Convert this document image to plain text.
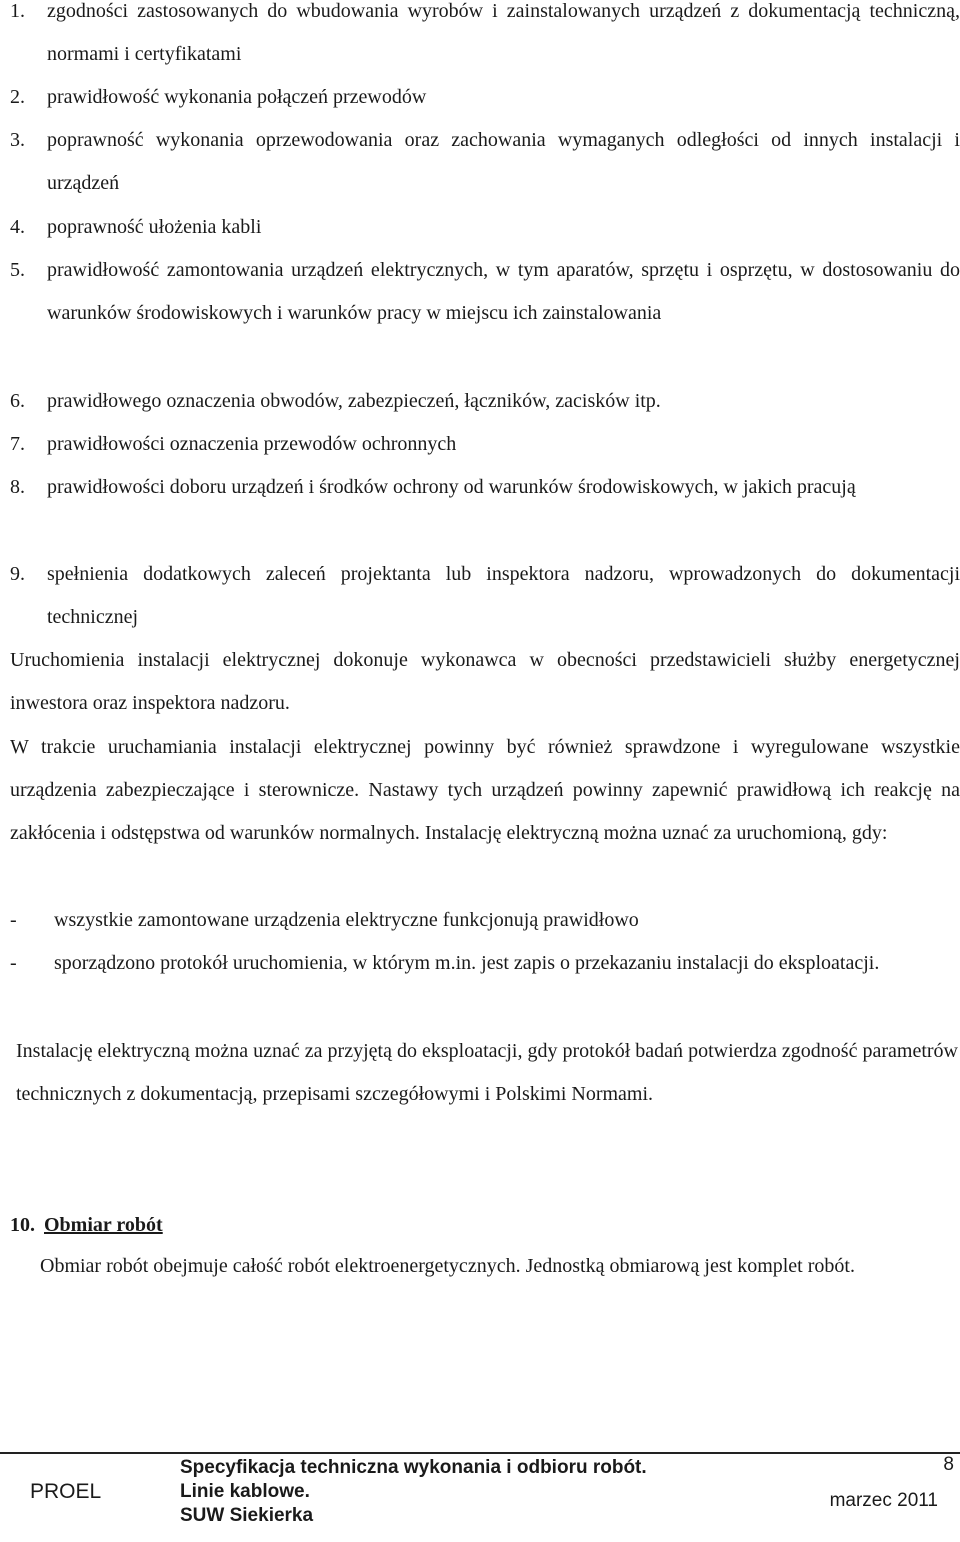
1.	zgodności zastosowanych do wbudowania wyrobów i zainstalowanych urządzeń z dokumentacją techniczną, normami i certyfikatami
2.	prawidłowość wykonania połączeń przewodów
3.	poprawność wykonania oprzewodowania oraz zachowania wymaganych odległości od innych instalacji i urządzeń
4.	poprawność ułożenia kabli
5.	prawidłowość zamontowania urządzeń elektrycznych, w tym aparatów, sprzętu i osprzętu, w dostosowaniu do warunków środowiskowych i warunków pracy w miejscu ich zainstalowania
6.	prawidłowego oznaczenia obwodów, zabezpieczeń, łączników, zacisków itp.
7.	prawidłowości oznaczenia przewodów ochronnych
8.	prawidłowości doboru urządzeń i środków ochrony od warunków środowiskowych, w jakich pracują
9.	spełnienia dodatkowych zaleceń projektanta lub inspektora nadzoru, wprowadzonych do dokumentacji technicznej
Uruchomienia instalacji elektrycznej dokonuje wykonawca w obecności przedstawicieli służby energetycznej inwestora oraz inspektora nadzoru.
W trakcie uruchamiania instalacji elektrycznej powinny być również sprawdzone i wyregulowane wszystkie urządzenia zabezpieczające i sterownicze. Nastawy tych urządzeń powinny zapewnić prawidłową ich reakcję na zakłócenia i odstępstwa od warunków normalnych. Instalację elektryczną można uznać za uruchomioną, gdy:
- wszystkie zamontowane urządzenia elektryczne funkcjonują prawidłowo
- sporządzono protokół uruchomienia, w którym m.in. jest zapis o przekazaniu instalacji do eksploatacji.
Instalację elektryczną można uznać za przyjętą do eksploatacji, gdy protokół badań potwierdza zgodność parametrów technicznych z dokumentacją, przepisami szczegółowymi i Polskimi Normami.
10. Obmiar robót
Obmiar robót obejmuje całość robót elektroenergetycznych. Jednostką obmiarową jest komplet robót.
PROEL
Specyfikacja techniczna wykonania i odbioru robót.
Linie kablowe.
SUW Siekierka
8
marzec 2011
